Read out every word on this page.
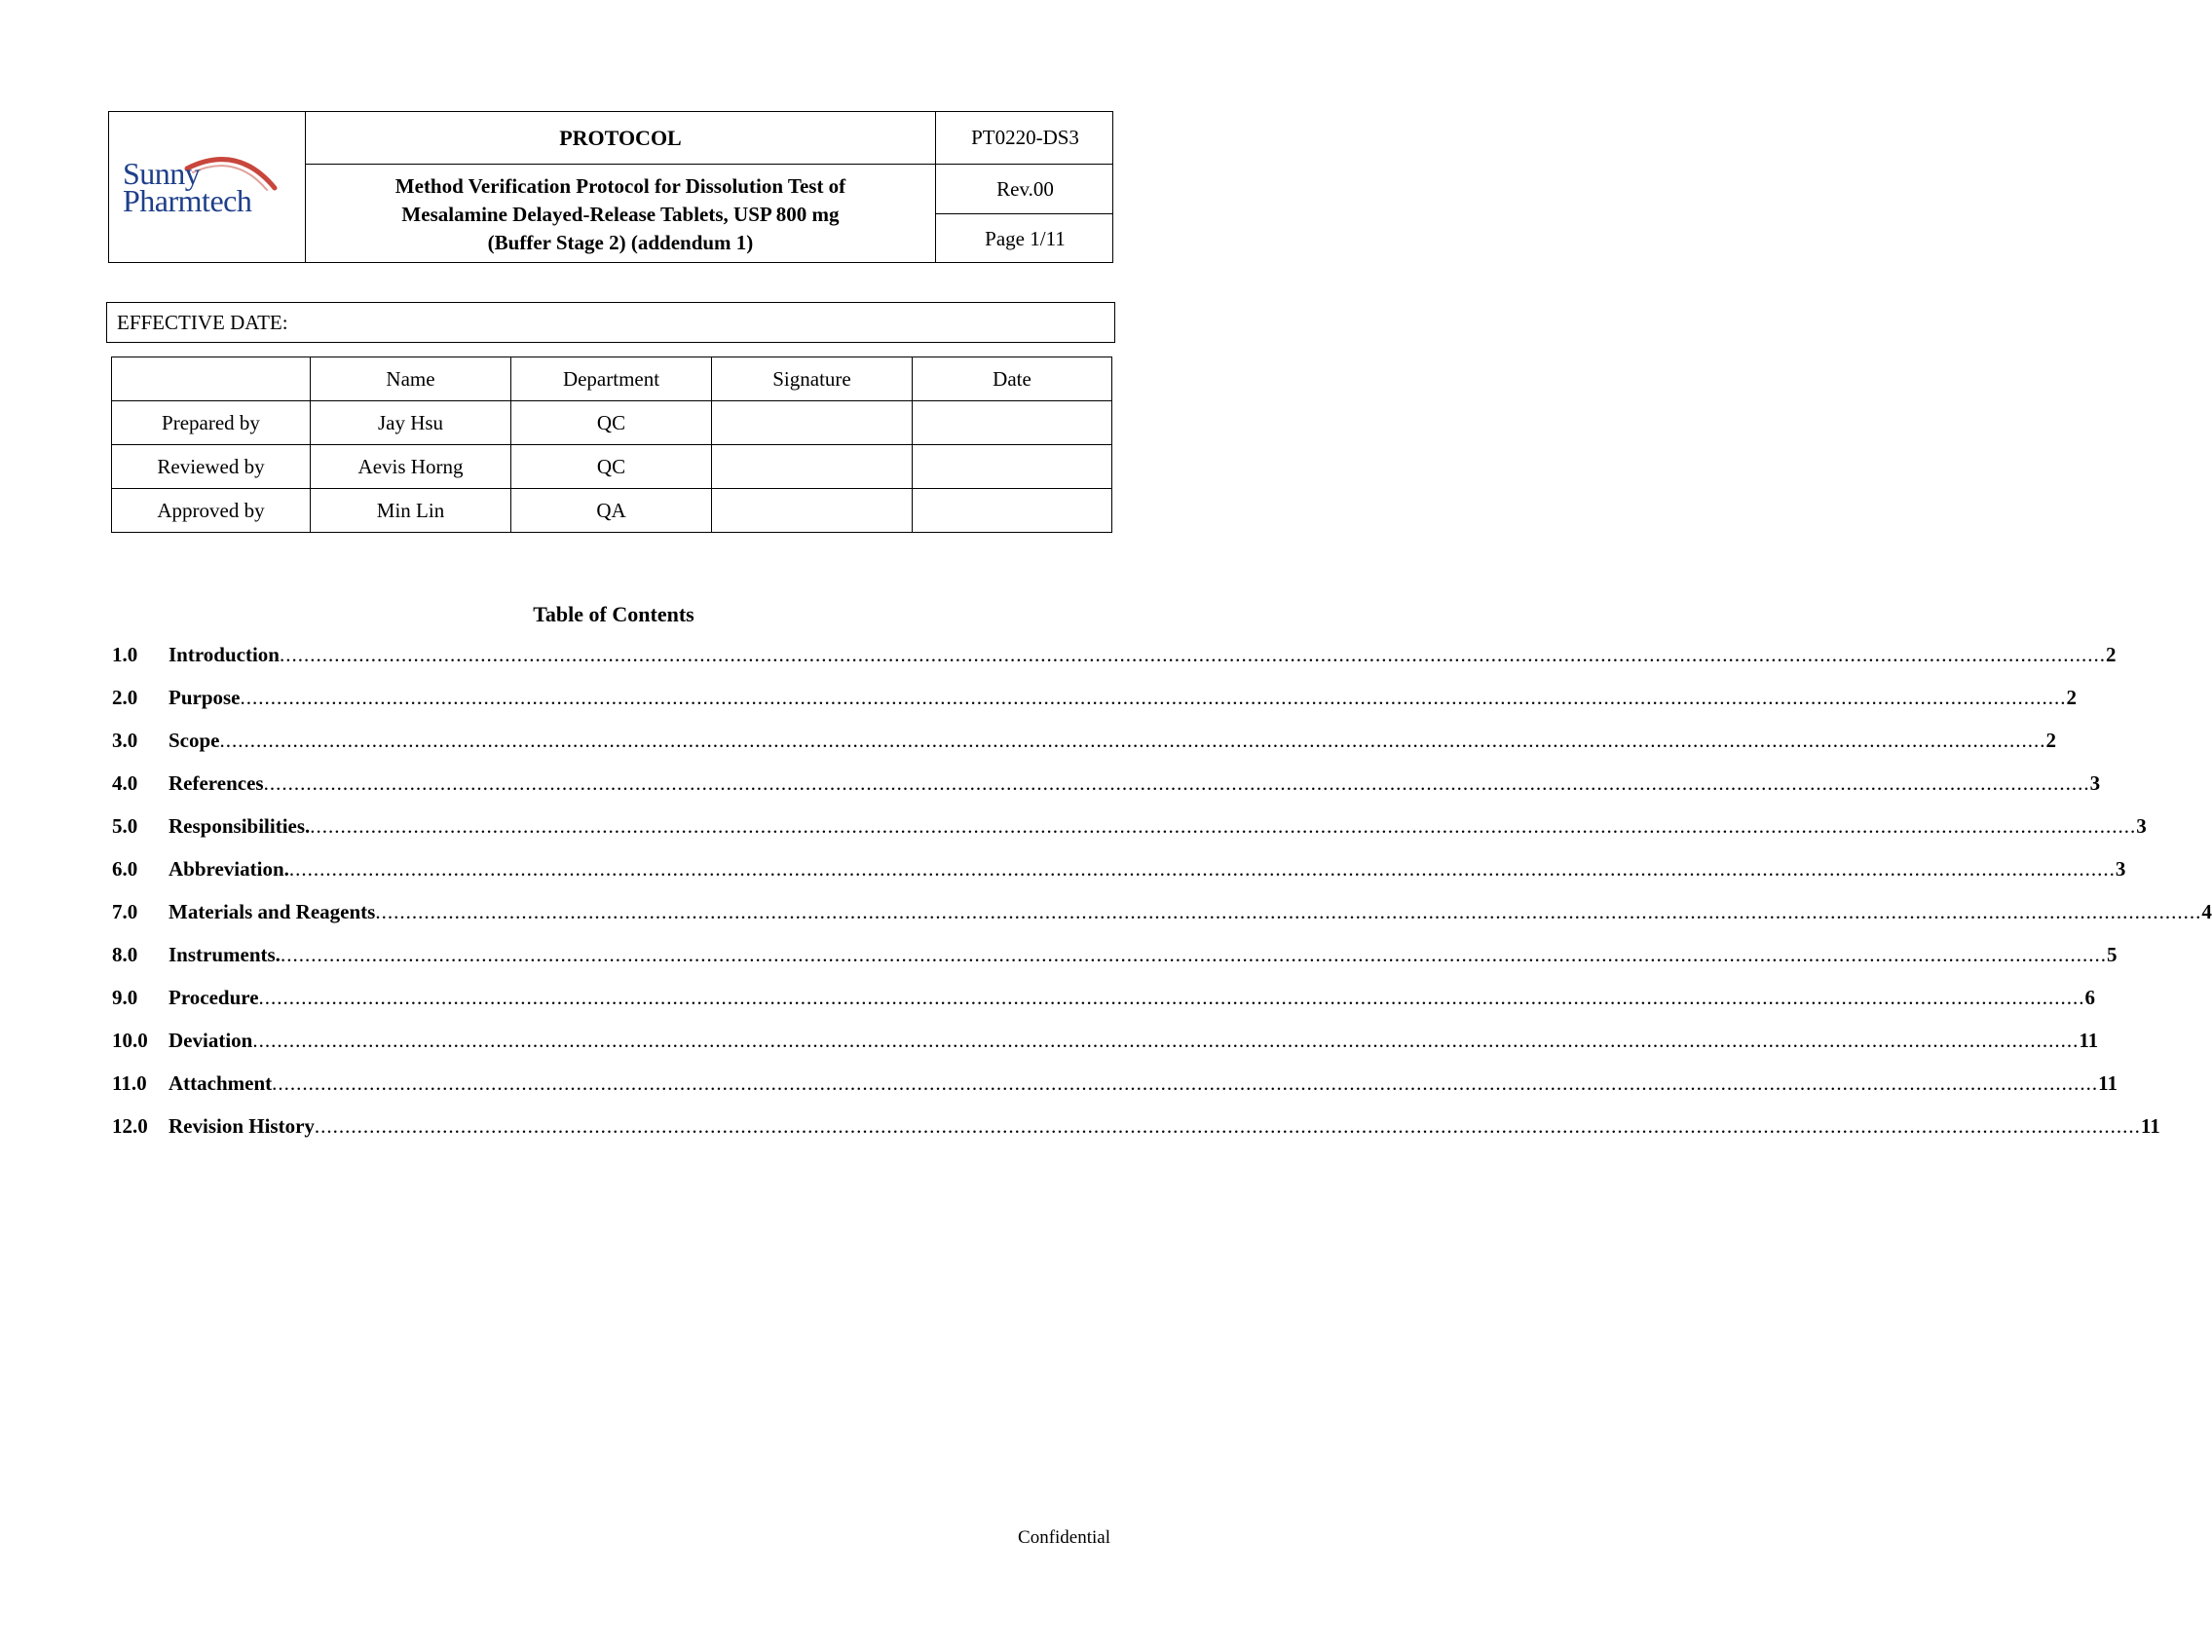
Sunny
Pharmtech
PROTOCOL
Method Verification Protocol for Dissolution Test of
Mesalamine Delayed-Release Tablets, USP 800 mg
(Buffer Stage 2) (addendum 1)
PT0220-DS3
Rev.00
Page 1/11
EFFECTIVE DATE:
	Name	Department	Signature	Date
Prepared by	Jay Hsu	QC		
Reviewed by	Aevis Horng	QC		
Approved by	Min Lin	QA		
Table of Contents
1.0	Introduction ............................................................................................................................................................................................................................................................................................................ 2
2.0	Purpose ............................................................................................................................................................................................................................................................................................................ 2
3.0	Scope ............................................................................................................................................................................................................................................................................................................ 2
4.0	References ............................................................................................................................................................................................................................................................................................................ 3
5.0	Responsibilities. ............................................................................................................................................................................................................................................................................................................ 3
6.0	Abbreviation. ............................................................................................................................................................................................................................................................................................................ 3
7.0	Materials and Reagents ............................................................................................................................................................................................................................................................................................................ 4
8.0	Instruments. ............................................................................................................................................................................................................................................................................................................ 5
9.0	Procedure ............................................................................................................................................................................................................................................................................................................ 6
10.0	Deviation ............................................................................................................................................................................................................................................................................................................ 11
11.0	Attachment ............................................................................................................................................................................................................................................................................................................ 11
12.0	Revision History ............................................................................................................................................................................................................................................................................................................ 11
Confidential
